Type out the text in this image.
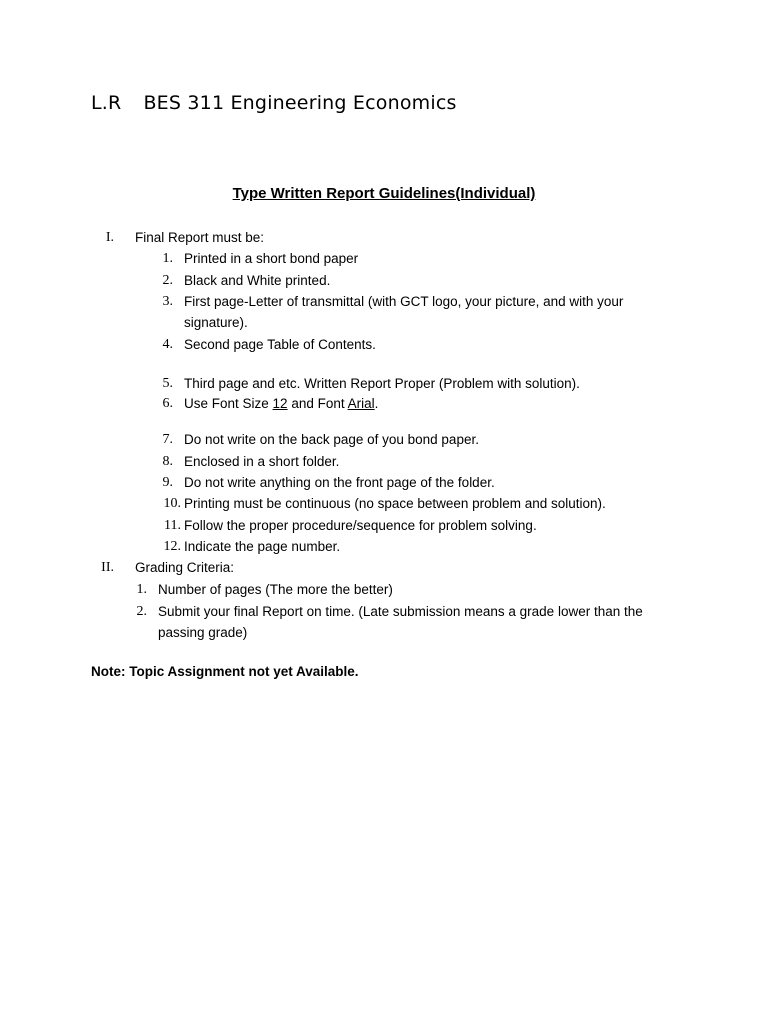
L.R BES 311 Engineering Economics
Type Written Report Guidelines(Individual)
I. Final Report must be:
1. Printed in a short bond paper
2. Black and White printed.
3. First page-Letter of transmittal (with GCT logo, your picture, and with your
signature).
4. Second page Table of Contents.
5. Third page and etc. Written Report Proper (Problem with solution).
6. Use Font Size 12 and Font Arial.
7. Do not write on the back page of you bond paper.
8. Enclosed in a short folder.
9. Do not write anything on the front page of the folder.
10. Printing must be continuous (no space between problem and solution).
11. Follow the proper procedure/sequence for problem solving.
12. Indicate the page number.
II. Grading Criteria:
1. Number of pages (The more the better)
2. Submit your final Report on time. (Late submission means a grade lower than the
passing grade)
Note: Topic Assignment not yet Available.
